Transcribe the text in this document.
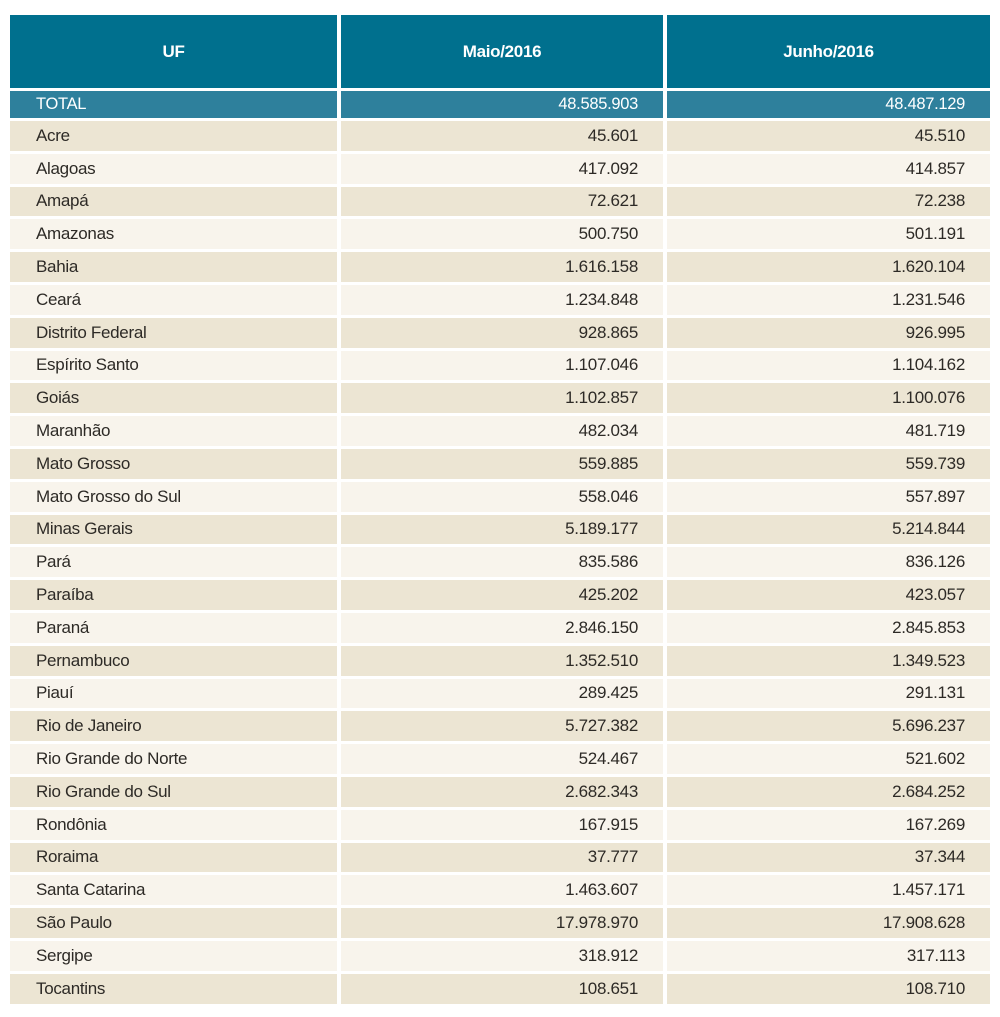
UF	Maio/2016	Junho/2016
TOTAL	48.585.903	48.487.129
Acre	45.601	45.510
Alagoas	417.092	414.857
Amapá	72.621	72.238
Amazonas	500.750	501.191
Bahia	1.616.158	1.620.104
Ceará	1.234.848	1.231.546
Distrito Federal	928.865	926.995
Espírito Santo	1.107.046	1.104.162
Goiás	1.102.857	1.100.076
Maranhão	482.034	481.719
Mato Grosso	559.885	559.739
Mato Grosso do Sul	558.046	557.897
Minas Gerais	5.189.177	5.214.844
Pará	835.586	836.126
Paraíba	425.202	423.057
Paraná	2.846.150	2.845.853
Pernambuco	1.352.510	1.349.523
Piauí	289.425	291.131
Rio de Janeiro	5.727.382	5.696.237
Rio Grande do Norte	524.467	521.602
Rio Grande do Sul	2.682.343	2.684.252
Rondônia	167.915	167.269
Roraima	37.777	37.344
Santa Catarina	1.463.607	1.457.171
São Paulo	17.978.970	17.908.628
Sergipe	318.912	317.113
Tocantins	108.651	108.710
